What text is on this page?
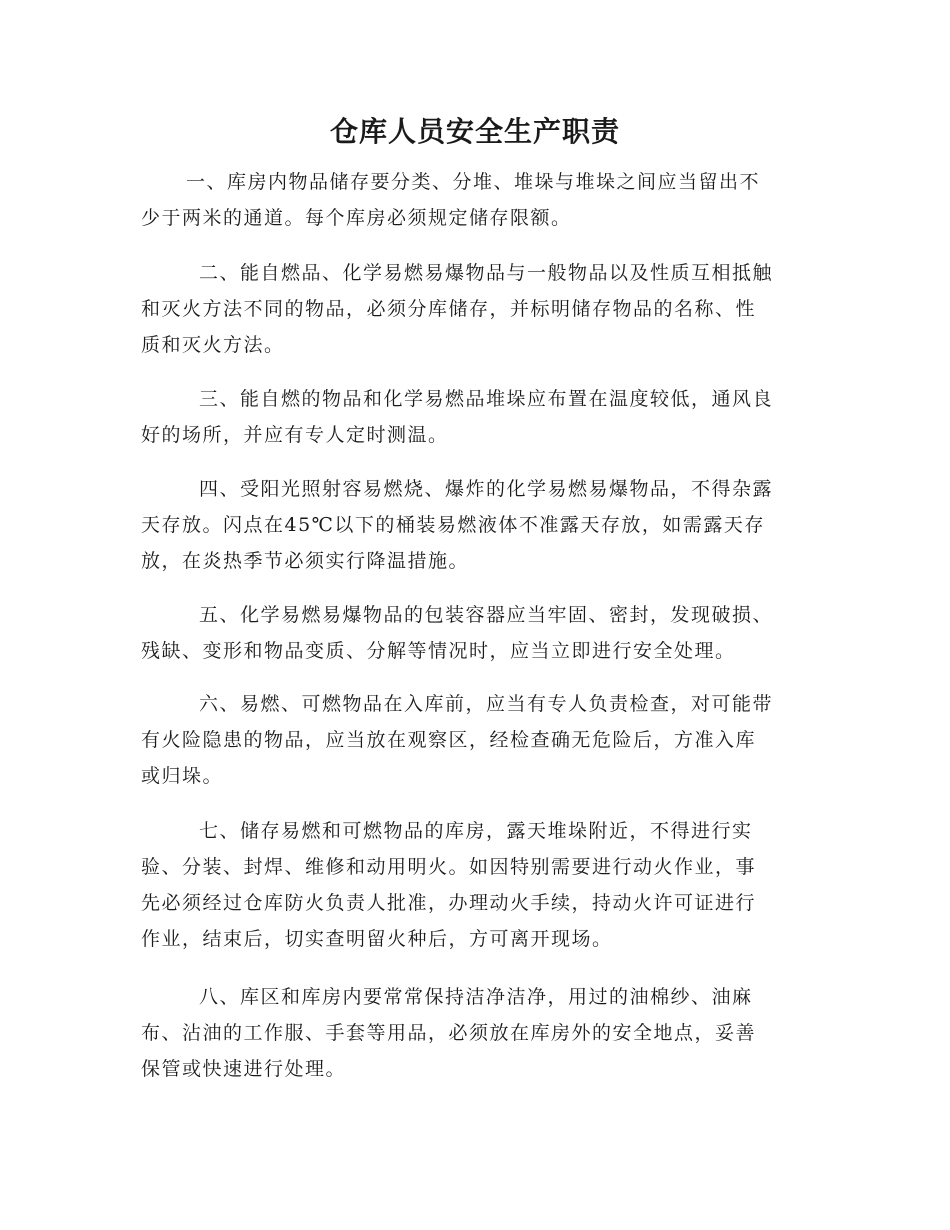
仓库人员安全生产职责
一、库房内物品储存要分类、分堆、堆垛与堆垛之间应当留出不
少于两米的通道。每个库房必须规定储存限额。
二、能自燃品、化学易燃易爆物品与一般物品以及性质互相抵触
和灭火方法不同的物品，必须分库储存，并标明储存物品的名称、性
质和灭火方法。
三、能自燃的物品和化学易燃品堆垛应布置在温度较低，通风良
好的场所，并应有专人定时测温。
四、受阳光照射容易燃烧、爆炸的化学易燃易爆物品，不得杂露
天存放。闪点在45℃以下的桶装易燃液体不准露天存放，如需露天存
放，在炎热季节必须实行降温措施。
五、化学易燃易爆物品的包装容器应当牢固、密封，发现破损、
残缺、变形和物品变质、分解等情况时，应当立即进行安全处理。
六、易燃、可燃物品在入库前，应当有专人负责检查，对可能带
有火险隐患的物品，应当放在观察区，经检查确无危险后，方准入库
或归垛。
七、储存易燃和可燃物品的库房，露天堆垛附近，不得进行实
验、分装、封焊、维修和动用明火。如因特别需要进行动火作业，事
先必须经过仓库防火负责人批准，办理动火手续，持动火许可证进行
作业，结束后，切实查明留火种后，方可离开现场。
八、库区和库房内要常常保持洁净洁净，用过的油棉纱、油麻
布、沾油的工作服、手套等用品，必须放在库房外的安全地点，妥善
保管或快速进行处理。
